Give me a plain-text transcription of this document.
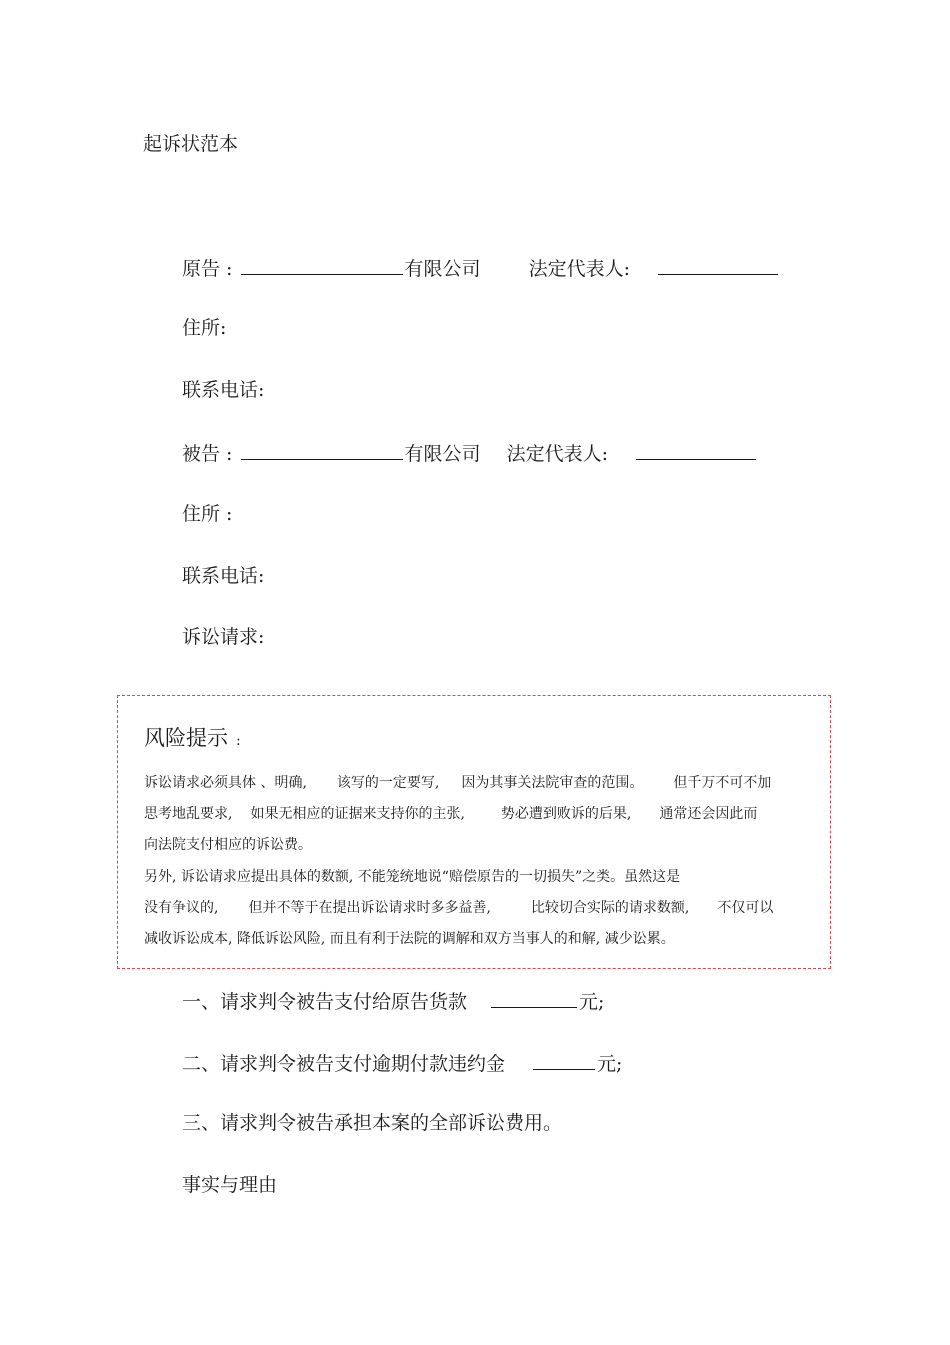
起诉状范本
原告 :	有限公司	法定代表人:
住所:
联系电话:
被告 :	有限公司 法定代表人:
住所 :
联系电话:
诉讼请求:
风险提示 :
诉讼请求必须具体 、明确, 该写的一定要写, 因为其事关法院审查的范围。 但千万不可不加
思考地乱要求, 如果无相应的证据来支持你的主张,	势必遭到败诉的后果, 通常还会因此而
向法院支付相应的诉讼费。
另外, 诉讼请求应提出具体的数额, 不能笼统地说“赔偿原告的一切损失”之类。虽然这是
没有争议的, 但并不等于在提出诉讼请求时多多益善,	比较切合实际的请求数额, 不仅可以
减收诉讼成本, 降低诉讼风险, 而且有利于法院的调解和双方当事人的和解, 减少讼累。
一、请求判令被告支付给原告货款	元;
二、请求判令被告支付逾期付款违约金	元;
三、请求判令被告承担本案的全部诉讼费用。
事实与理由
